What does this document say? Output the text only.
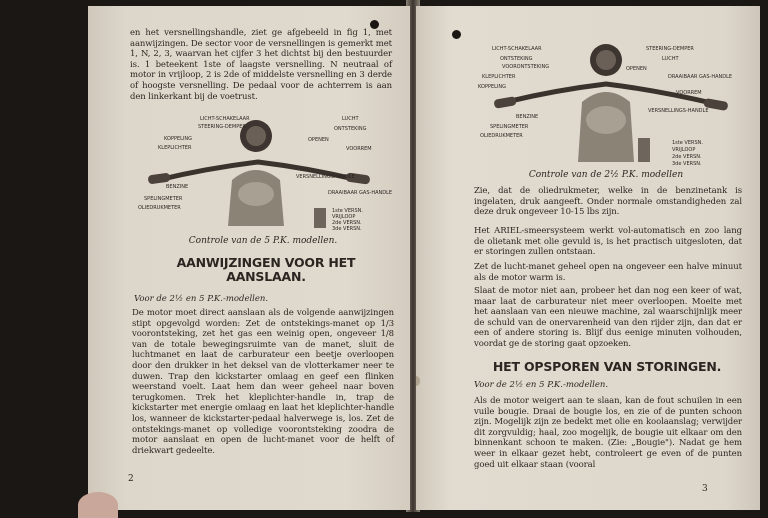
en het versnellingshandle, ziet ge afgebeeld in fig 1, met aanwijzingen. De sector voor de versnellingen is gemerkt met 1, N, 2, 3, waarvan het cijfer 3 het dichtst bij den bestuurder is. 1 beteekent 1ste of laagste versnelling. N neutraal of motor in vrijloop, 2 is 2de of middelste versnelling en 3 derde of hoogste versnelling. De pedaal voor de achterrem is aan den linkerkant bij de voetrust.
LICHT-SCHAKELAAR
STEERING-DEMPER
KOPPELING
KLEPLICHTER
LUCHT
ONTSTEKING
OPENEN
VOORREM
VERSNELLINGSHANDLE
BENZINE
SPELINGMETER
OLIEDRUKMETER
DRAAIBAAR GAS-HANDLE
1ste VERSN.
VRIJLOOP
2de VERSN.
3de VERSN.
Controle van de 5 P.K. modellen.
AANWIJZINGEN VOOR HET AANSLAAN.
Voor de 2½ en 5 P.K.-modellen.
De motor moet direct aanslaan als de volgende aanwijzingen stipt opgevolgd worden: Zet de ontstekings-manet op 1/3 voorontsteking, zet het gas een weinig open, ongeveer 1/8 van de totale bewegingsruimte van de manet, sluit de luchtmanet en laat de carburateur een beetje overloopen door den drukker in het deksel van de vlotterkamer neer te duwen. Trap den kickstarter omlaag en geef een flinken weerstand voelt. Laat hem dan weer geheel naar boven terugkomen. Trek het kleplichter-handle in, trap de kickstarter met energie omlaag en laat het kleplichter-handle los, wanneer de kickstarter-pedaal halverwege is, los. Zet de ontstekings-manet op volledige voorontsteking zoodra de motor aanslaat en open de lucht-manet voor de helft of driekwart gedeelte.
2
LICHT-SCHAKELAAR	STEERING-DEMPER
ONTSTEKING	LUCHT
VOORONTSTEKING
KLEPLICHTER
KOPPELING
OPENEN
DRAAIBAAR GAS-HANDLE
VOORREM
BENZINE
VERSNELLINGS-HANDLE
SPELINGMETER
OLIEDRUKMETER
1ste VERSN.
VRIJLOOP
2de VERSN.
3de VERSN.
Controle van de 2½ P.K. modellen
Zie, dat de oliedrukmeter, welke in de benzinetank is ingelaten, druk aangeeft. Onder normale omstandigheden zal deze druk ongeveer 10-15 lbs zijn.
Het ARIEL-smeersysteem werkt vol-automatisch en zoo lang de olietank met olie gevuld is, is het practisch uitgesloten, dat er storingen zullen ontstaan.
Zet de lucht-manet geheel open na ongeveer een halve minuut als de motor warm is.
Slaat de motor niet aan, probeer het dan nog een keer of wat, maar laat de carburateur niet meer overloopen. Moeite met het aanslaan van een nieuwe machine, zal waarschijnlijk meer de schuld van de onervarenheid van den rijder zijn, dan dat er een of andere storing is. Blijf dus eenige minuten volhouden, voordat ge de storing gaat opzoeken.
HET OPSPOREN VAN STORINGEN.
Voor de 2½ en 5 P.K.-modellen.
Als de motor weigert aan te slaan, kan de fout schuilen in een vuile bougie. Draai de bougie los, en zie of de punten schoon zijn. Mogelijk zijn ze bedekt met olie en koolaanslag; verwijder dit zorgvuldig; haal, zoo mogelijk, de bougie uit elkaar om den binnenkant schoon te maken. (Zie: „Bougie"). Nadat ge hem weer in elkaar gezet hebt, controleert ge even of de punten goed uit elkaar staan (vooral
3
